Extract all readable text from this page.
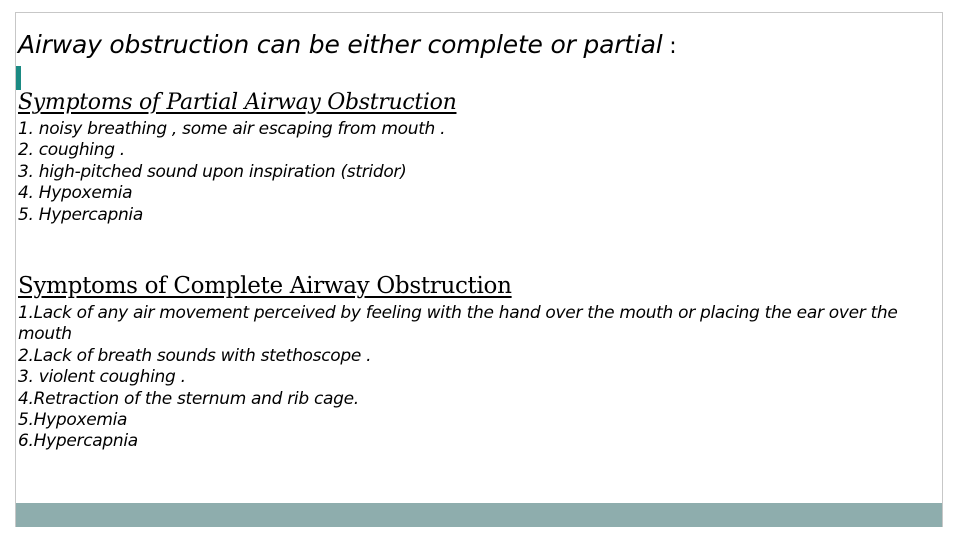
Airway obstruction can be either complete or partial :
Symptoms of Partial Airway Obstruction
1. noisy breathing , some air escaping from mouth .
2. coughing .
3. high-pitched sound upon inspiration (stridor)
4. Hypoxemia
5. Hypercapnia
Symptoms of Complete Airway Obstruction
1.Lack of any air movement perceived by feeling with the hand over the mouth or placing the ear over the mouth
2.Lack of breath sounds with stethoscope .
3. violent coughing .
4.Retraction of the sternum and rib cage.
5.Hypoxemia
6.Hypercapnia
